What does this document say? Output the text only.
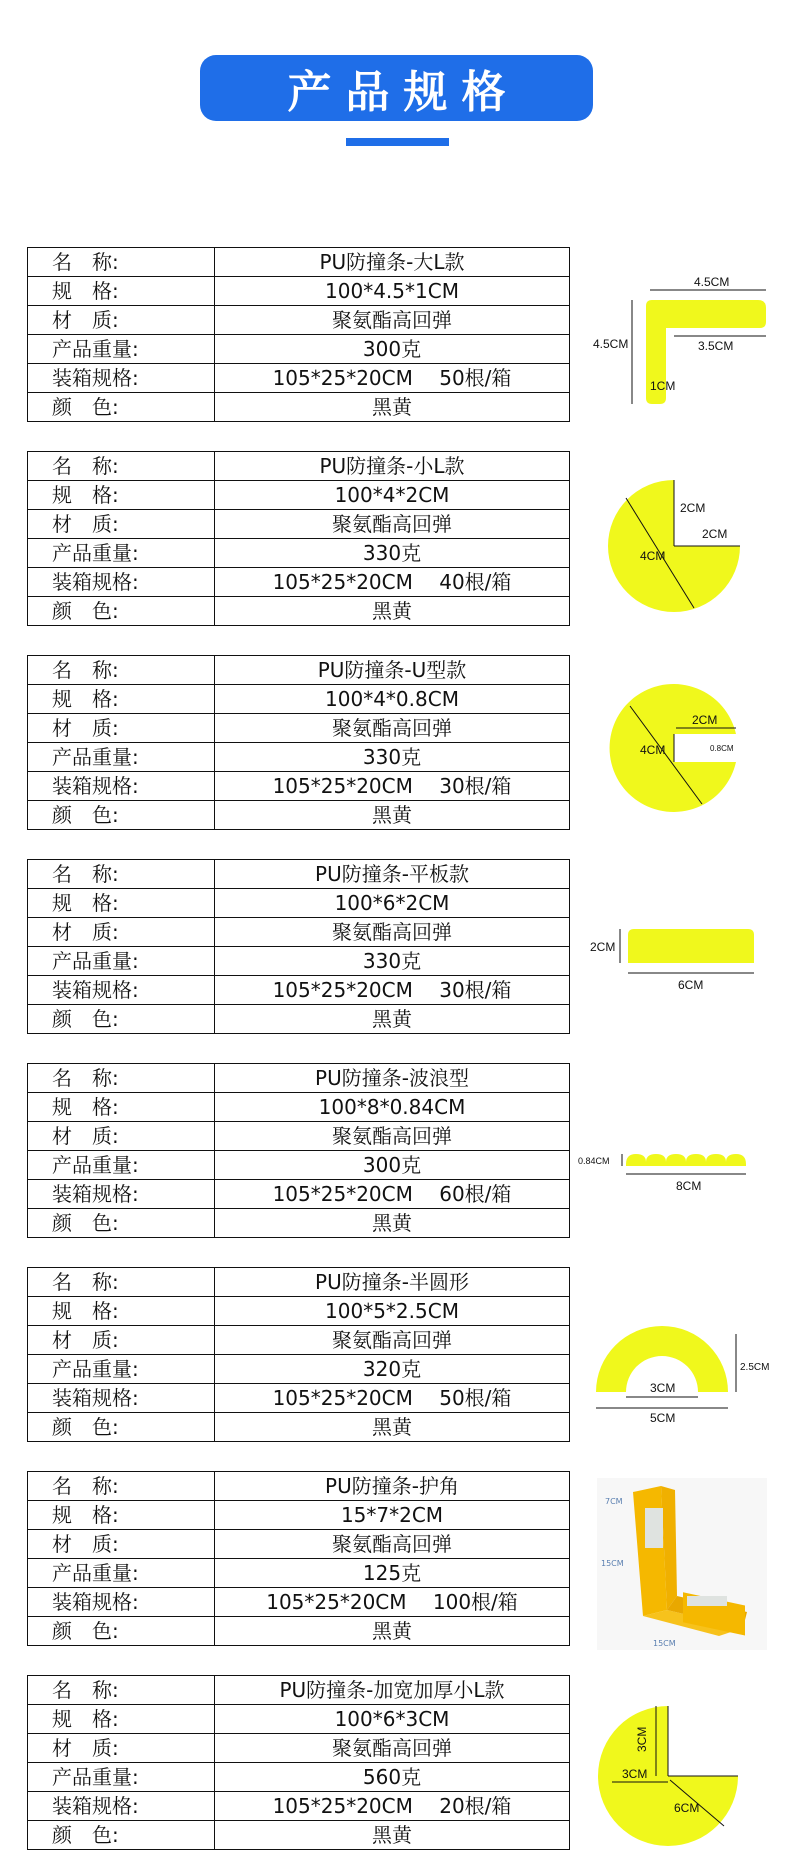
产品规格
名　称:	PU防撞条-大L款
规　格:	100*4.5*1CM
材　质:	聚氨酯高回弹
产品重量:	300克
装箱规格:	105*25*20CM　 50根/箱
颜　色:	黑黄
4.5CM
4.5CM	3.5CM
1CM
名　称:	PU防撞条-小L款
规　格:	100*4*2CM
材　质:	聚氨酯高回弹
产品重量:	330克
装箱规格:	105*25*20CM　 40根/箱
颜　色:	黑黄
2CM
2CM
4CM
名　称:	PU防撞条-U型款
规　格:	100*4*0.8CM
材　质:	聚氨酯高回弹
产品重量:	330克
装箱规格:	105*25*20CM　 30根/箱
颜　色:	黑黄
2CM
0.8CM
4CM
名　称:	PU防撞条-平板款
规　格:	100*6*2CM
材　质:	聚氨酯高回弹
产品重量:	330克
装箱规格:	105*25*20CM　 30根/箱
颜　色:	黑黄
2CM
6CM
名　称:	PU防撞条-波浪型
规　格:	100*8*0.84CM
材　质:	聚氨酯高回弹
产品重量:	300克
装箱规格:	105*25*20CM　 60根/箱
颜　色:	黑黄
0.84CM
8CM
名　称:	PU防撞条-半圆形
规　格:	100*5*2.5CM
材　质:	聚氨酯高回弹
产品重量:	320克
装箱规格:	105*25*20CM　 50根/箱
颜　色:	黑黄
2.5CM
3CM
5CM
名　称:	PU防撞条-护角
规　格:	15*7*2CM
材　质:	聚氨酯高回弹
产品重量:	125克
装箱规格:	105*25*20CM　 100根/箱
颜　色:	黑黄
7CM
15CM
15CM
名　称:	PU防撞条-加宽加厚小L款
规　格:	100*6*3CM
材　质:	聚氨酯高回弹
产品重量:	560克
装箱规格:	105*25*20CM　 20根/箱
颜　色:	黑黄
3CM
3CM
6CM
